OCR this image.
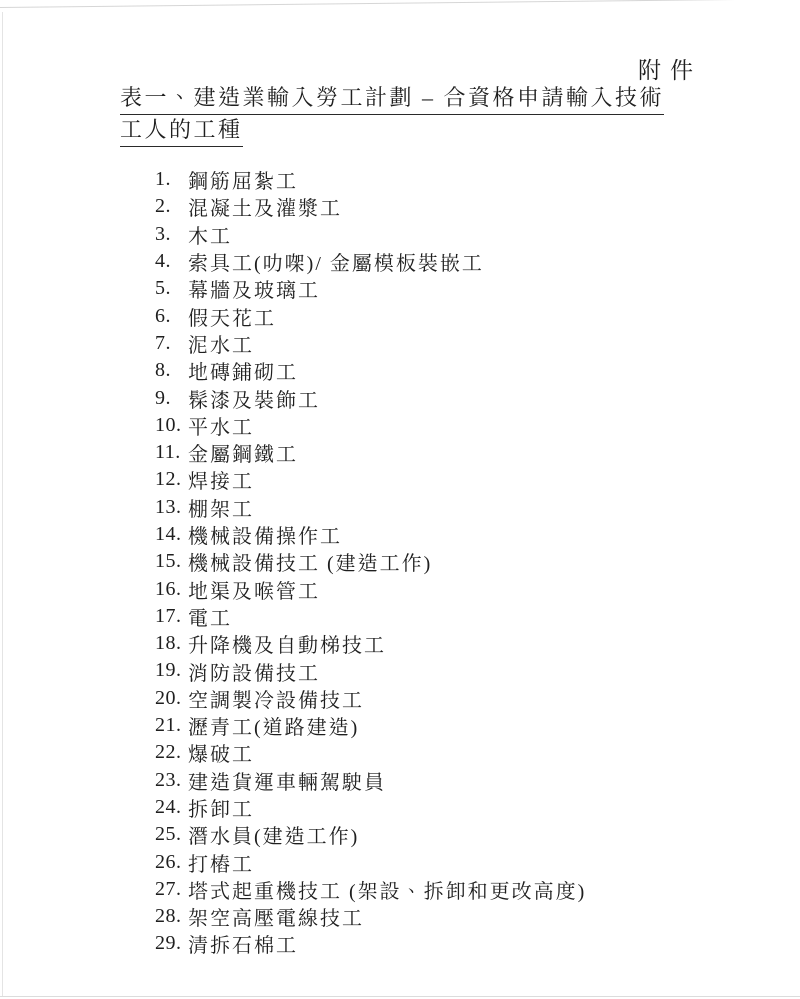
附件
表一、建造業輸入勞工計劃 – 合資格申請輸入技術
工人的工種
1. 鋼筋屈紮工
2. 混凝土及灌漿工
3. 木工
4. 索具工(叻㗎)/ 金屬模板裝嵌工
5. 幕牆及玻璃工
6. 假天花工
7. 泥水工
8. 地磚鋪砌工
9. 髹漆及裝飾工
10. 平水工
11. 金屬鋼鐵工
12. 焊接工
13. 棚架工
14. 機械設備操作工
15. 機械設備技工 (建造工作)
16. 地渠及喉管工
17. 電工
18. 升降機及自動梯技工
19. 消防設備技工
20. 空調製冷設備技工
21. 瀝青工(道路建造)
22. 爆破工
23. 建造貨運車輛駕駛員
24. 拆卸工
25. 潛水員(建造工作)
26. 打樁工
27. 塔式起重機技工 (架設、拆卸和更改高度)
28. 架空高壓電線技工
29. 清拆石棉工
